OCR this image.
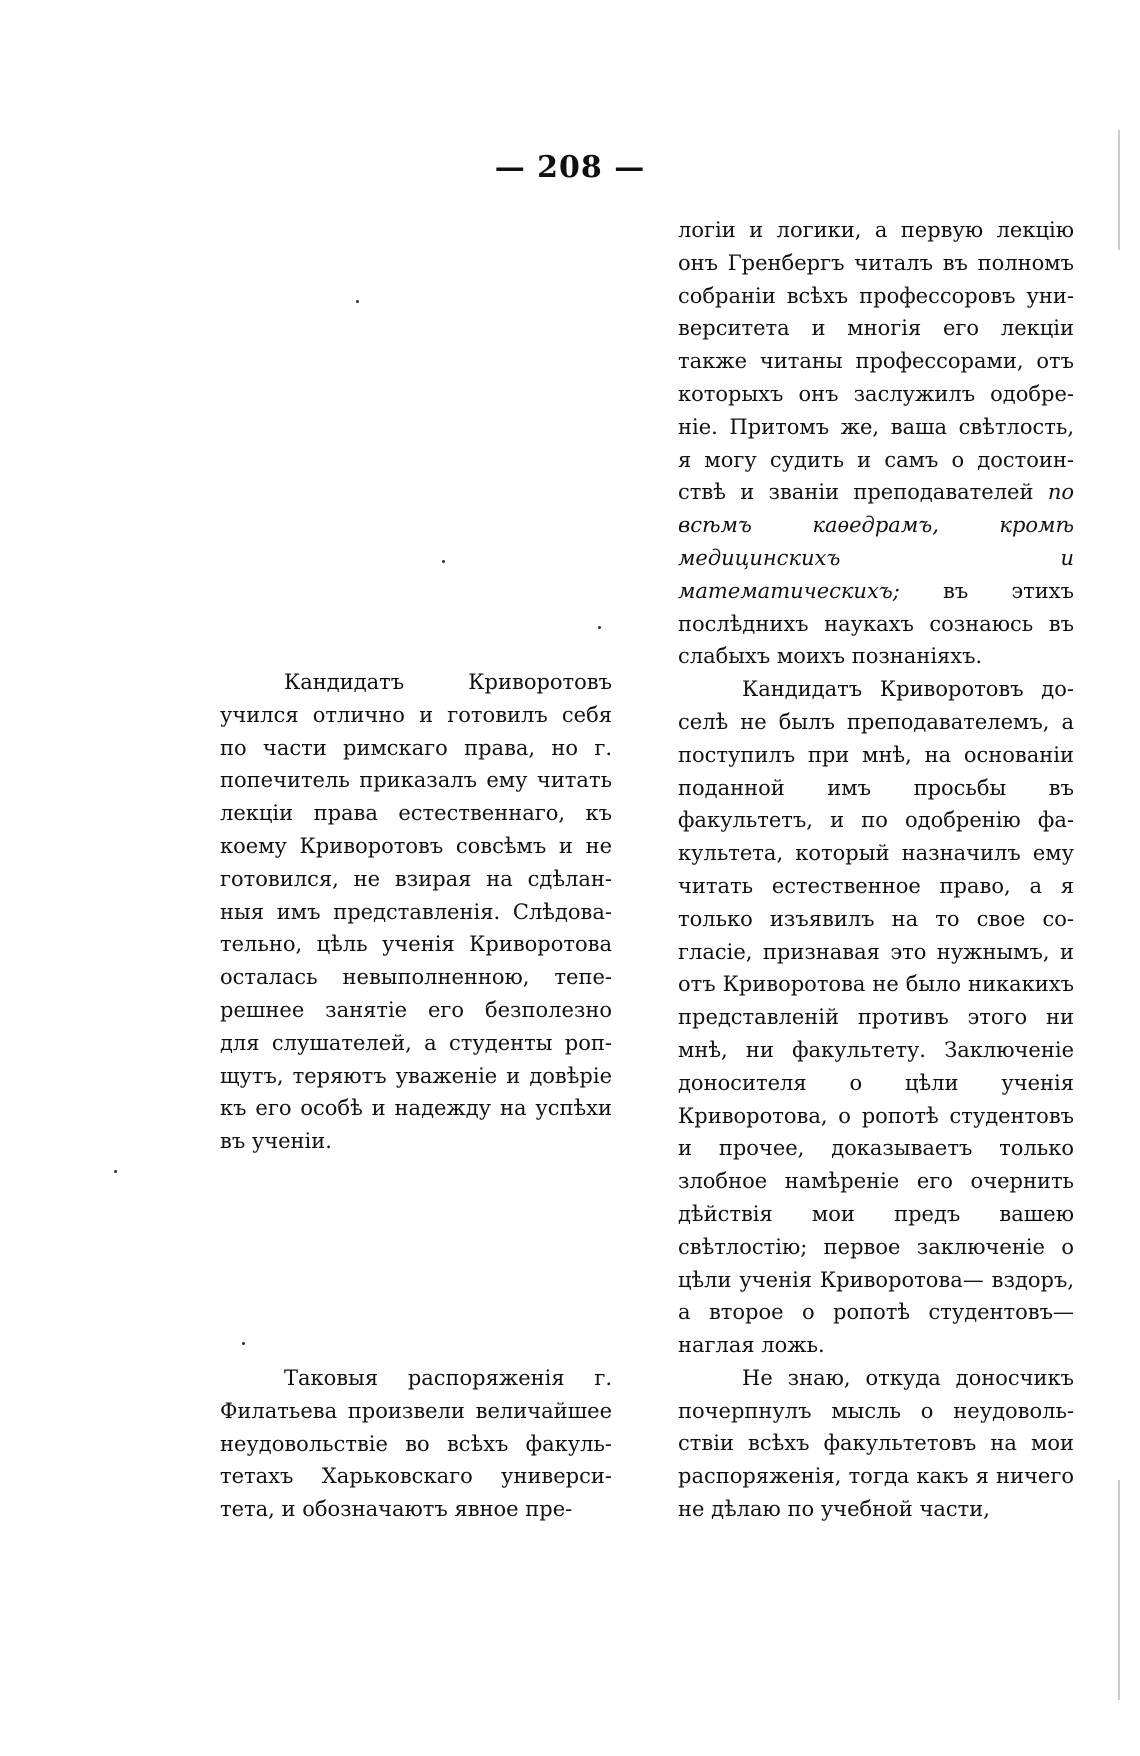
— 208 —

Кандидатъ Криворотовъ учился отлично и готовилъ себя по части римскаго права, но г. попечитель приказалъ ему читать лекціи права естественнаго, къ коему Криворотовъ совсѣмъ и не готовился, не взирая на сдѣланныя имъ представленія. Слѣдовательно, цѣль ученія Криворотова осталась невыполненною, теперешнее занятіе его безполезно для слушателей, а студенты ропщутъ, теряютъ уваженіе и довѣріе къ его особѣ и надежду на успѣхи въ ученіи.

Таковыя распоряженія г. Филатьева произвели величайшее неудовольствіе во всѣхъ факультетахъ Харьковскаго университета, и обозначаютъ явное пре-

логіи и логики, а первую лекцію онъ Гренбергъ читалъ въ полномъ собраніи всѣхъ профессоровъ университета и многія его лекціи также читаны профессорами, отъ которыхъ онъ заслужилъ одобреніе. Притомъ же, ваша свѣтлость, я могу судить и самъ о достоинствѣ и званіи преподавателей по всѣмъ каѳедрамъ, кромѣ медицинскихъ и математическихъ; въ этихъ послѣднихъ наукахъ сознаюсь въ слабыхъ моихъ познаніяхъ.

Кандидатъ Криворотовъ доселѣ не былъ преподавателемъ, а поступилъ при мнѣ, на основаніи поданной имъ просьбы въ факультетъ, и по одобренію факультета, который назначилъ ему читать естественное право, а я только изъявилъ на то свое согласіе, признавая это нужнымъ, и отъ Криворотова не было никакихъ представленій противъ этого ни мнѣ, ни факультету. Заключеніе доносителя о цѣли ученія Криворотова, о ропотѣ студентовъ и прочее, доказываетъ только злобное намѣреніе его очернить дѣйствія мои предъ вашею свѣтлостію; первое заключеніе о цѣли ученія Криворотова— вздоръ, а второе о ропотѣ студентовъ—наглая ложь.

Не знаю, откуда доносчикъ почерпнулъ мысль о неудовольствіи всѣхъ факультетовъ на мои распоряженія, тогда какъ я ничего не дѣлаю по учебной части,
